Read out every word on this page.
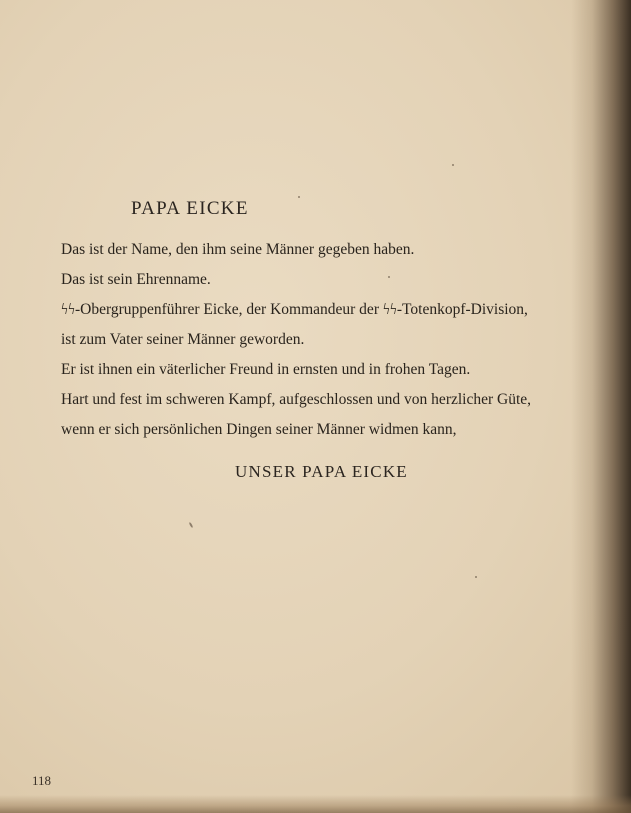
PAPA EICKE
Das ist der Name, den ihm seine Männer gegeben haben.
Das ist sein Ehrenname.
ϟϟ-Obergruppenführer Eicke, der Kommandeur der ϟϟ-Totenkopf-Division,
ist zum Vater seiner Männer geworden.
Er ist ihnen ein väterlicher Freund in ernsten und in frohen Tagen.
Hart und fest im schweren Kampf, aufgeschlossen und von herzlicher Güte,
wenn er sich persönlichen Dingen seiner Männer widmen kann,
UNSER PAPA EICKE
118
